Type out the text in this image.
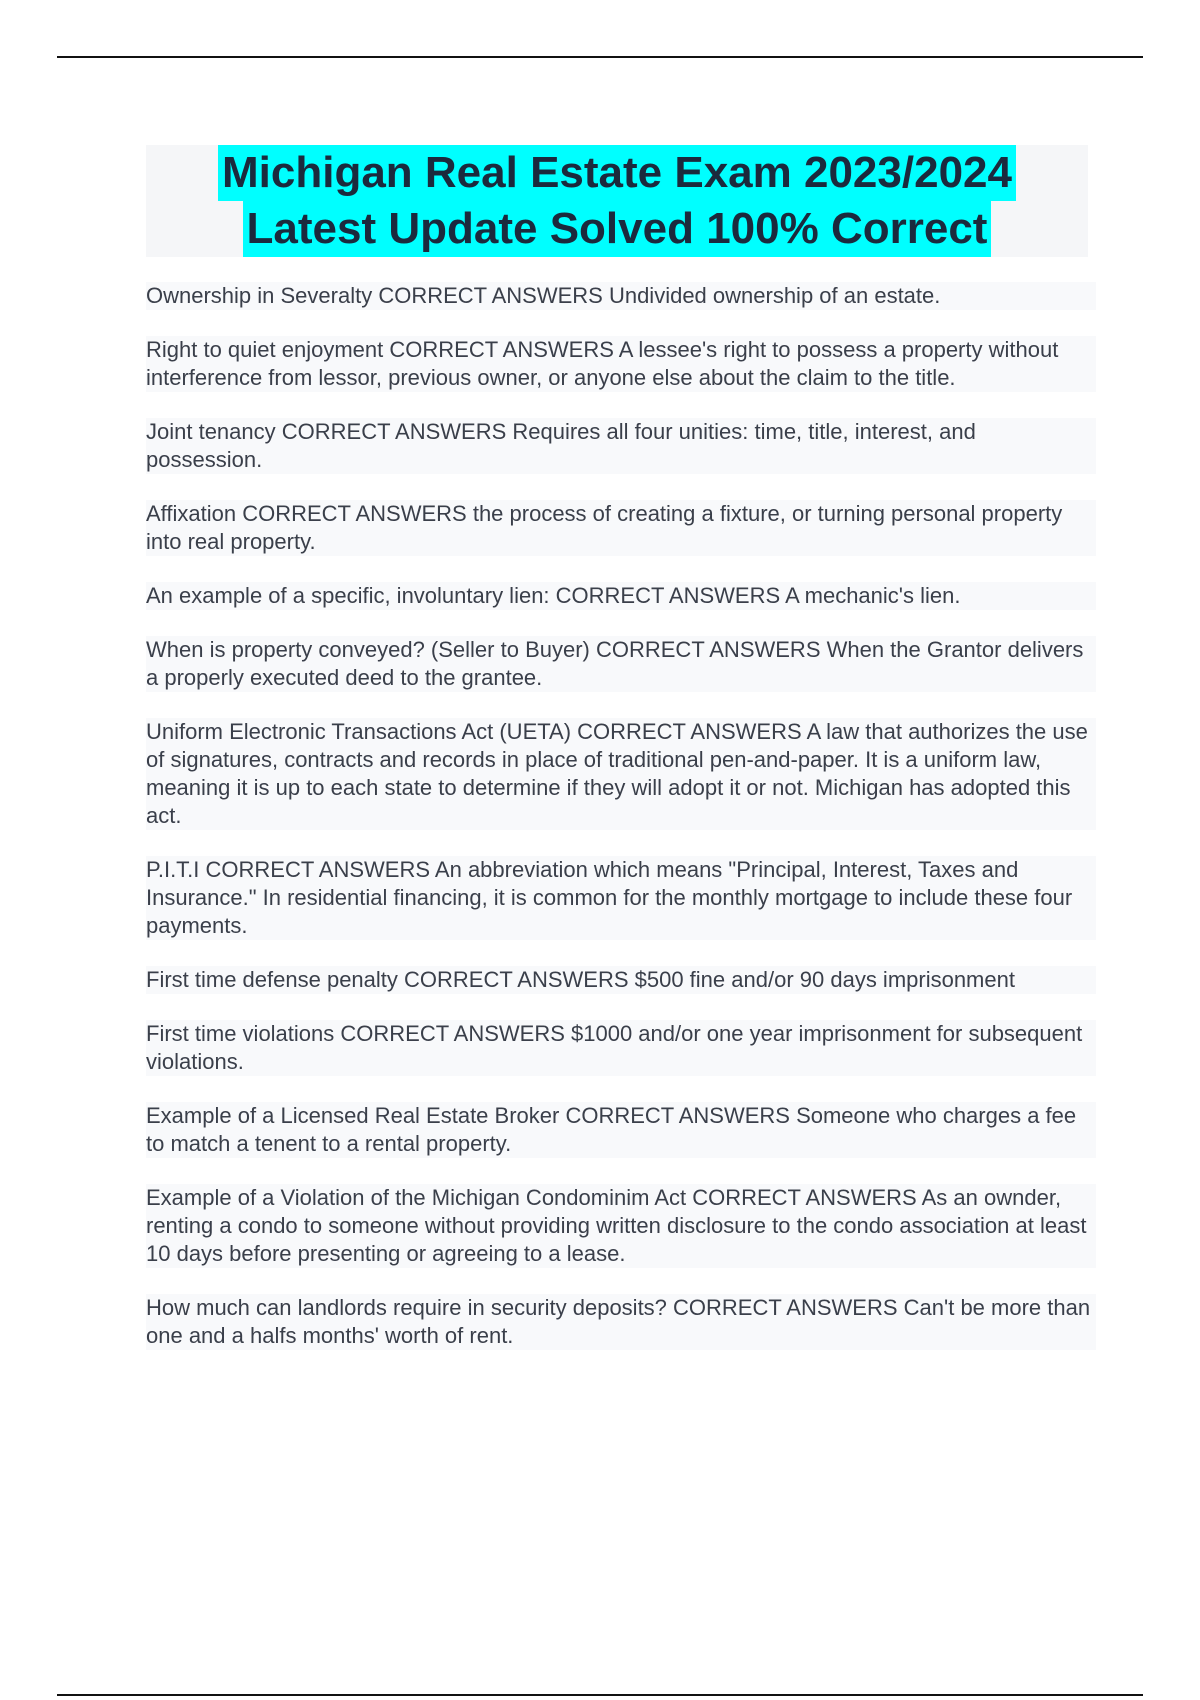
Michigan Real Estate Exam 2023/2024
Latest Update Solved 100% Correct

Ownership in Severalty CORRECT ANSWERS Undivided ownership of an estate.

Right to quiet enjoyment CORRECT ANSWERS A lessee's right to possess a property without interference from lessor, previous owner, or anyone else about the claim to the title.

Joint tenancy CORRECT ANSWERS Requires all four unities: time, title, interest, and possession.

Affixation CORRECT ANSWERS the process of creating a fixture, or turning personal property into real property.

An example of a specific, involuntary lien: CORRECT ANSWERS A mechanic's lien.

When is property conveyed? (Seller to Buyer) CORRECT ANSWERS When the Grantor delivers a properly executed deed to the grantee.

Uniform Electronic Transactions Act (UETA) CORRECT ANSWERS A law that authorizes the use of signatures, contracts and records in place of traditional pen-and-paper. It is a uniform law, meaning it is up to each state to determine if they will adopt it or not. Michigan has adopted this act.

P.I.T.I CORRECT ANSWERS An abbreviation which means "Principal, Interest, Taxes and Insurance." In residential financing, it is common for the monthly mortgage to include these four payments.

First time defense penalty CORRECT ANSWERS $500 fine and/or 90 days imprisonment

First time violations CORRECT ANSWERS $1000 and/or one year imprisonment for subsequent violations.

Example of a Licensed Real Estate Broker CORRECT ANSWERS Someone who charges a fee to match a tenent to a rental property.

Example of a Violation of the Michigan Condominim Act CORRECT ANSWERS As an ownder, renting a condo to someone without providing written disclosure to the condo association at least 10 days before presenting or agreeing to a lease.

How much can landlords require in security deposits? CORRECT ANSWERS Can't be more than one and a halfs months' worth of rent.
